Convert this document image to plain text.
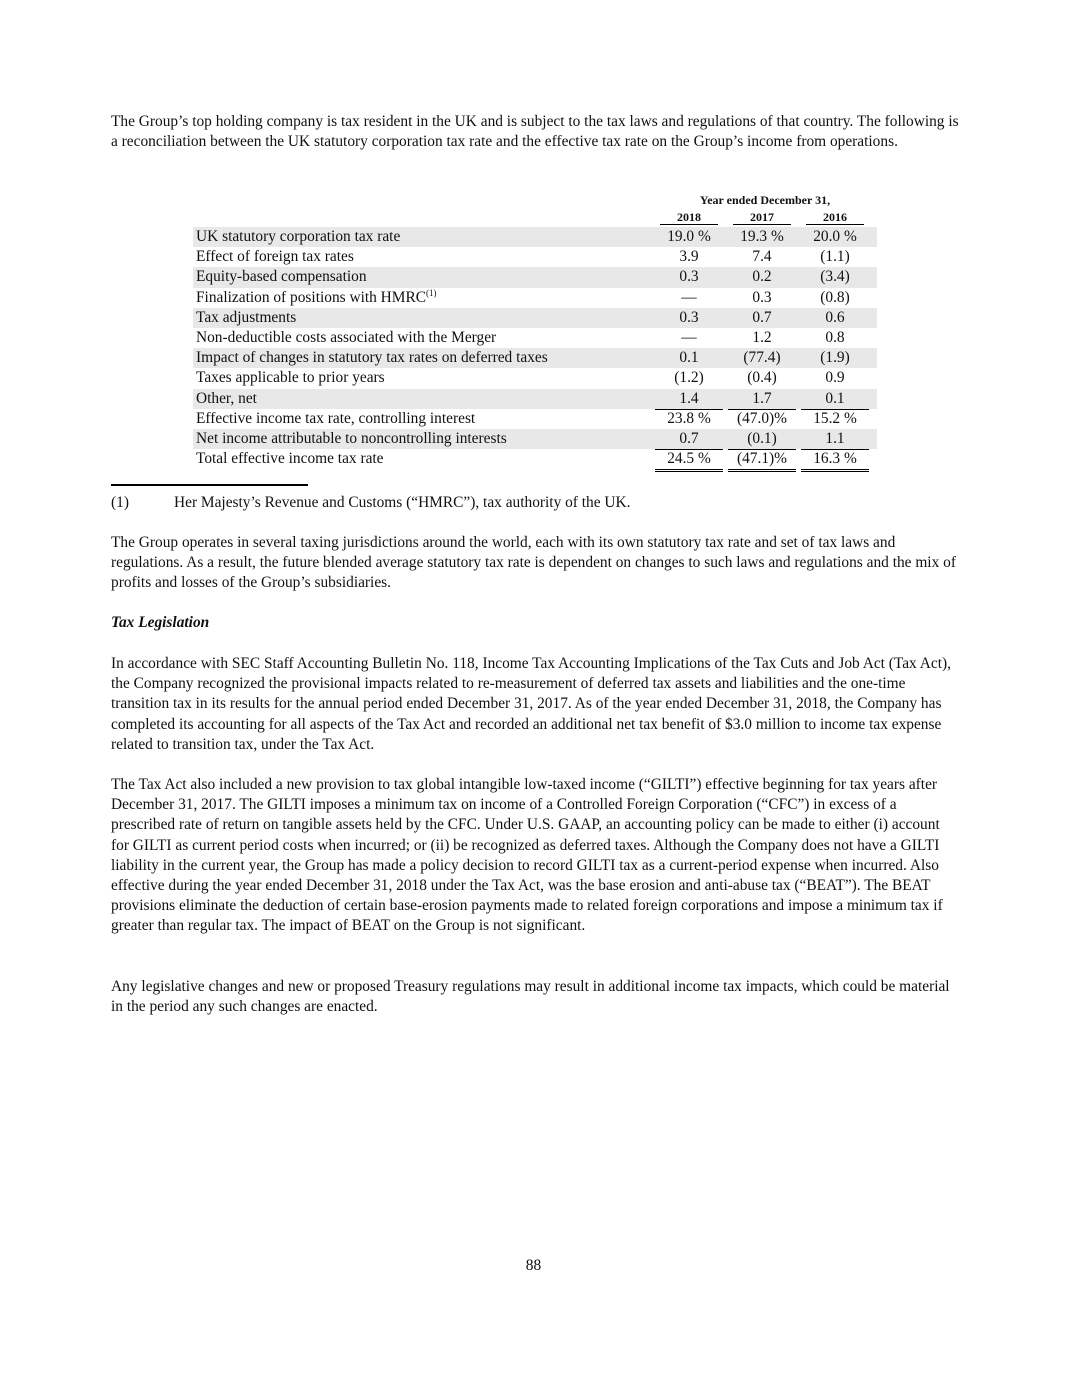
The Group’s top holding company is tax resident in the UK and is subject to the tax laws and regulations of that country. The following is a reconciliation between the UK statutory corporation tax rate and the effective tax rate on the Group’s income from operations.

Year ended December 31,
2018	2017	2016
UK statutory corporation tax rate	19.0 %	19.3 %	20.0 %
Effect of foreign tax rates	3.9	7.4	(1.1)
Equity-based compensation	0.3	0.2	(3.4)
Finalization of positions with HMRC$^{(1)}$	—	0.3	(0.8)
Tax adjustments	0.3	0.7	0.6
Non-deductible costs associated with the Merger	—	1.2	0.8
Impact of changes in statutory tax rates on deferred taxes	0.1	(77.4)	(1.9)
Taxes applicable to prior years	(1.2)	(0.4)	0.9
Other, net	1.4	1.7	0.1
Effective income tax rate, controlling interest	23.8 %	(47.0)%	15.2 %
Net income attributable to noncontrolling interests	0.7	(0.1)	1.1
Total effective income tax rate	24.5 %	(47.1)%	16.3 %
(1)	Her Majesty’s Revenue and Customs (“HMRC”), tax authority of the UK.

The Group operates in several taxing jurisdictions around the world, each with its own statutory tax rate and set of tax laws and regulations. As a result, the future blended average statutory tax rate is dependent on changes to such laws and regulations and the mix of profits and losses of the Group’s subsidiaries.

Tax Legislation

In accordance with SEC Staff Accounting Bulletin No. 118, Income Tax Accounting Implications of the Tax Cuts and Job Act (Tax Act), the Company recognized the provisional impacts related to re-measurement of deferred tax assets and liabilities and the one-time transition tax in its results for the annual period ended December 31, 2017. As of the year ended December 31, 2018, the Company has completed its accounting for all aspects of the Tax Act and recorded an additional net tax benefit of $3.0 million to income tax expense related to transition tax, under the Tax Act.

The Tax Act also included a new provision to tax global intangible low-taxed income (“GILTI”) effective beginning for tax years after December 31, 2017. The GILTI imposes a minimum tax on income of a Controlled Foreign Corporation (“CFC”) in excess of a prescribed rate of return on tangible assets held by the CFC. Under U.S. GAAP, an accounting policy can be made to either (i) account for GILTI as current period costs when incurred; or (ii) be recognized as deferred taxes. Although the Company does not have a GILTI liability in the current year, the Group has made a policy decision to record GILTI tax as a current-period expense when incurred. Also effective during the year ended December 31, 2018 under the Tax Act, was the base erosion and anti-abuse tax (“BEAT”). The BEAT provisions eliminate the deduction of certain base-erosion payments made to related foreign corporations and impose a minimum tax if greater than regular tax. The impact of BEAT on the Group is not significant.

Any legislative changes and new or proposed Treasury regulations may result in additional income tax impacts, which could be material in the period any such changes are enacted.

88
